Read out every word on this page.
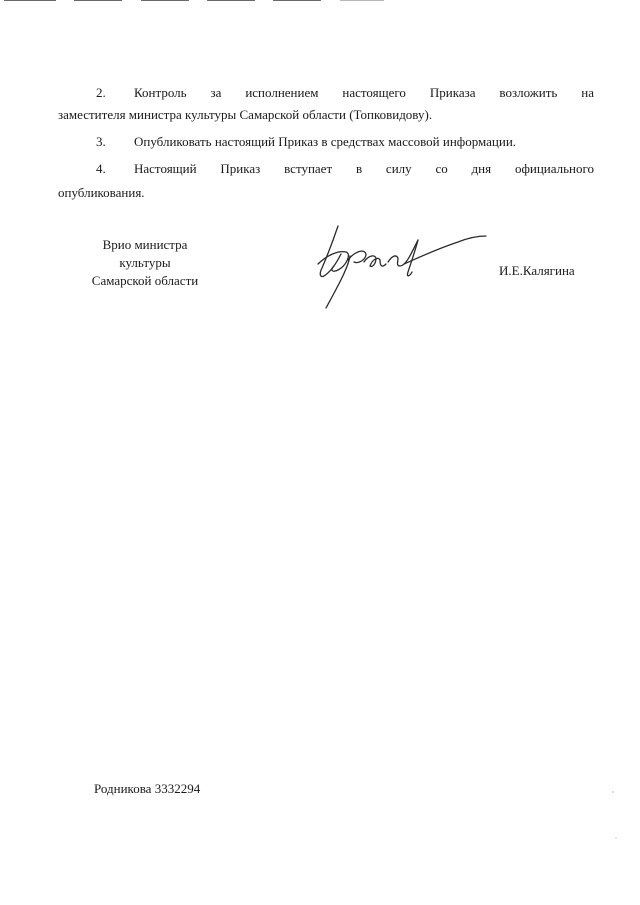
2. Контроль за исполнением настоящего Приказа возложить на

заместителя министра культуры Самарской области (Топковидову).

3. Опубликовать настоящий Приказ в средствах массовой информации.

4. Настоящий Приказ вступает в силу со дня официального

опубликования.

Врио министра
культуры
Самарской области
И.Е.Калягина
Родникова 3332294
